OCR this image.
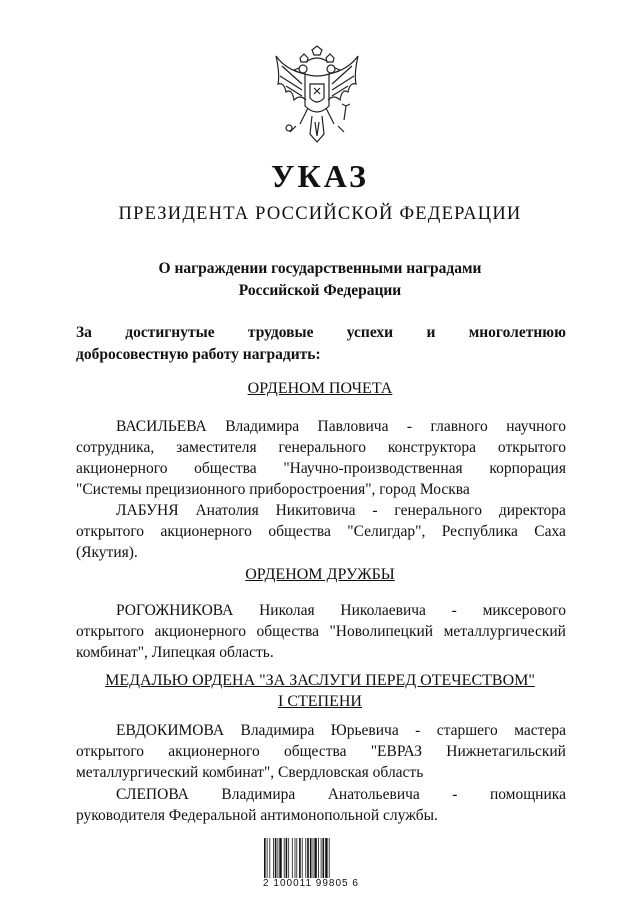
УКАЗ
ПРЕЗИДЕНТА РОССИЙСКОЙ ФЕДЕРАЦИИ
О награждении государственными наградами
Российской Федерации
За достигнутые трудовые успехи и многолетнюю
добросовестную работу наградить:
ОРДЕНОМ ПОЧЕТА
ВАСИЛЬЕВА Владимира Павловича - главного научного
сотрудника, заместителя генерального конструктора открытого
акционерного общества "Научно-производственная корпорация
"Системы прецизионного приборостроения", город Москва
ЛАБУНЯ Анатолия Никитовича - генерального директора
открытого акционерного общества "Селигдар", Республика Саха
(Якутия).
ОРДЕНОМ ДРУЖБЫ
РОГОЖНИКОВА Николая Николаевича - миксерового
открытого акционерного общества "Новолипецкий металлургический
комбинат", Липецкая область.
МЕДАЛЬЮ ОРДЕНА "ЗА ЗАСЛУГИ ПЕРЕД ОТЕЧЕСТВОМ"
I СТЕПЕНИ
ЕВДОКИМОВА Владимира Юрьевича - старшего мастера
открытого акционерного общества "ЕВРАЗ Нижнетагильский
металлургический комбинат", Свердловская область
СЛЕПОВА Владимира Анатольевича - помощника
руководителя Федеральной антимонопольной службы.
2 100011 99805 6
